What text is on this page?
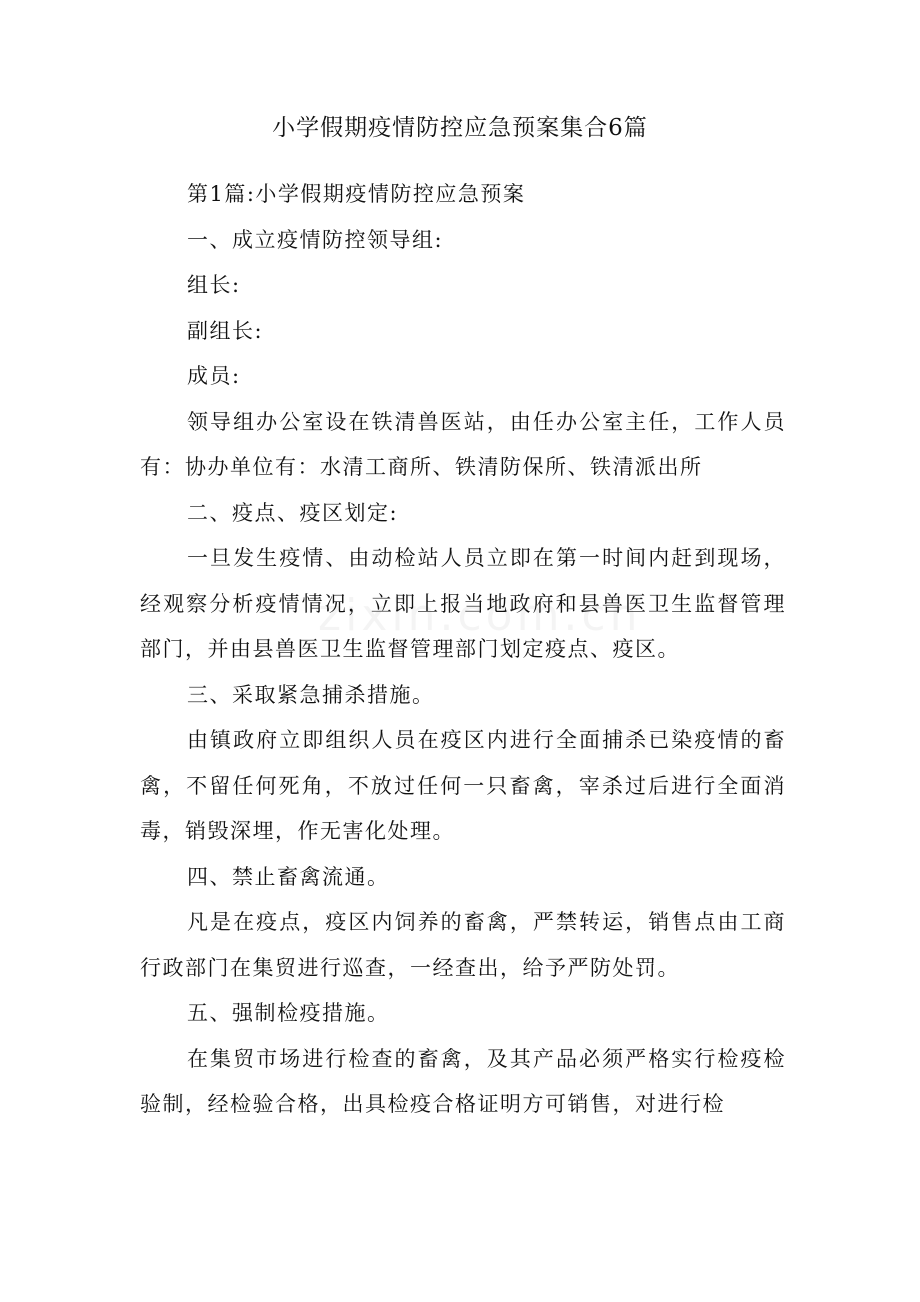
小学假期疫情防控应急预案集合6篇

第1篇:小学假期疫情防控应急预案

一、成立疫情防控领导组:

组长:

副组长:

成员:

领导组办公室设在铁清兽医站，由任办公室主任，工作人员有：协办单位有：水清工商所、铁清防保所、铁清派出所

二、疫点、疫区划定:

一旦发生疫情、由动检站人员立即在第一时间内赶到现场，经观察分析疫情情况，立即上报当地政府和县兽医卫生监督管理部门，并由县兽医卫生监督管理部门划定疫点、疫区。

三、采取紧急捕杀措施。

由镇政府立即组织人员在疫区内进行全面捕杀已染疫情的畜禽，不留任何死角，不放过任何一只畜禽，宰杀过后进行全面消毒，销毁深埋，作无害化处理。

四、禁止畜禽流通。

凡是在疫点，疫区内饲养的畜禽，严禁转运，销售点由工商行政部门在集贸进行巡查，一经查出，给予严防处罚。

五、强制检疫措施。

在集贸市场进行检查的畜禽，及其产品必须严格实行检疫检验制，经检验合格，出具检疫合格证明方可销售，对进行检
